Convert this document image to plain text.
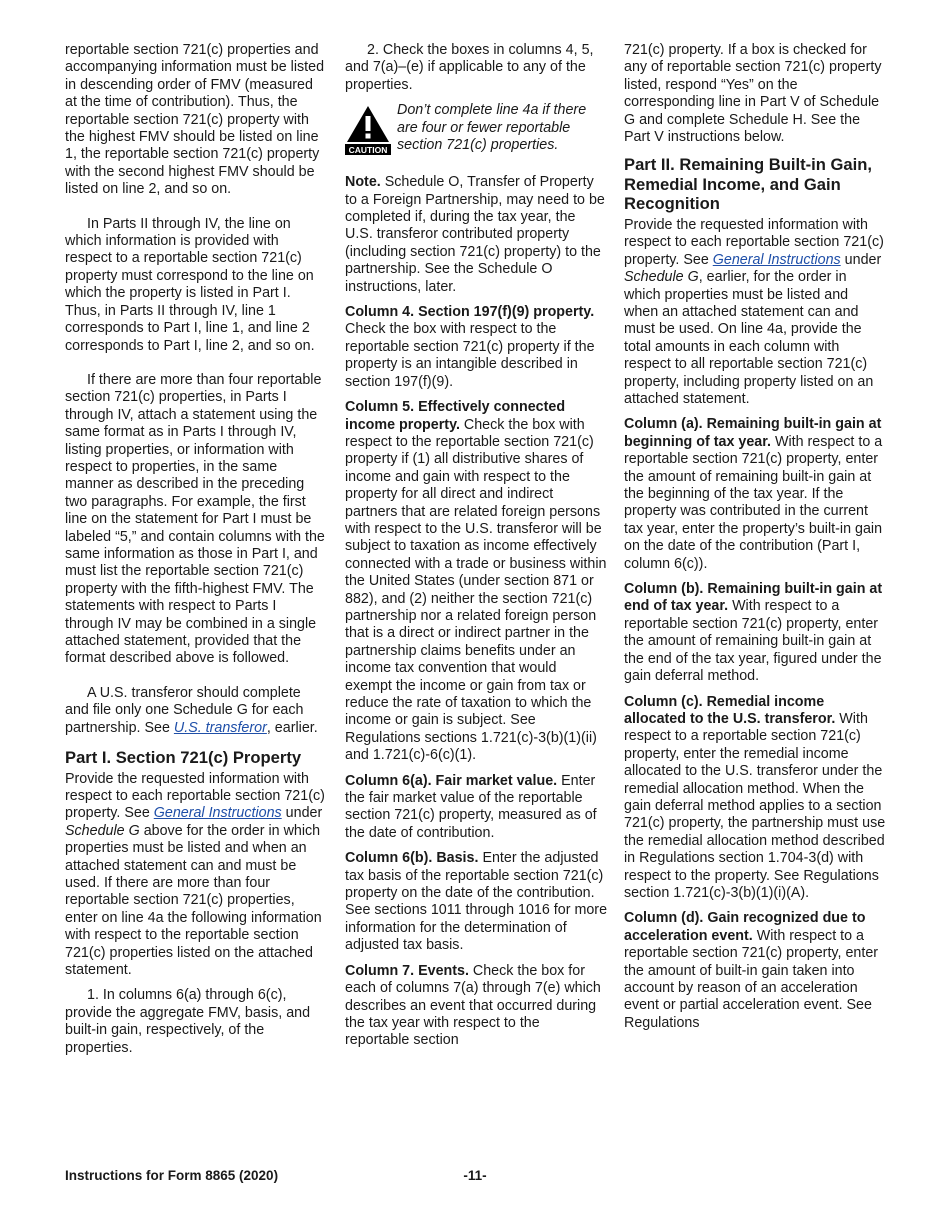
reportable section 721(c) properties and accompanying information must be listed in descending order of FMV (measured at the time of contribution). Thus, the reportable section 721(c) property with the highest FMV should be listed on line 1, the reportable section 721(c) property with the second highest FMV should be listed on line 2, and so on.

In Parts II through IV, the line on which information is provided with respect to a reportable section 721(c) property must correspond to the line on which the property is listed in Part I. Thus, in Parts II through IV, line 1 corresponds to Part I, line 1, and line 2 corresponds to Part I, line 2, and so on.

If there are more than four reportable section 721(c) properties, in Parts I through IV, attach a statement using the same format as in Parts I through IV, listing properties, or information with respect to properties, in the same manner as described in the preceding two paragraphs. For example, the first line on the statement for Part I must be labeled “5,” and contain columns with the same information as those in Part I, and must list the reportable section 721(c) property with the fifth-highest FMV. The statements with respect to Parts I through IV may be combined in a single attached statement, provided that the format described above is followed.

A U.S. transferor should complete and file only one Schedule G for each partnership. See U.S. transferor, earlier.

Part I. Section 721(c) Property

Provide the requested information with respect to each reportable section 721(c) property. See General Instructions under Schedule G above for the order in which properties must be listed and when an attached statement can and must be used. If there are more than four reportable section 721(c) properties, enter on line 4a the following information with respect to the reportable section 721(c) properties listed on the attached statement.

1. In columns 6(a) through 6(c), provide the aggregate FMV, basis, and built-in gain, respectively, of the properties.

2. Check the boxes in columns 4, 5, and 7(a)–(e) if applicable to any of the properties.

CAUTION
Don’t complete line 4a if there are four or fewer reportable section 721(c) properties.

Note. Schedule O, Transfer of Property to a Foreign Partnership, may need to be completed if, during the tax year, the U.S. transferor contributed property (including section 721(c) property) to the partnership. See the Schedule O instructions, later.

Column 4. Section 197(f)(9) property. Check the box with respect to the reportable section 721(c) property if the property is an intangible described in section 197(f)(9).

Column 5. Effectively connected income property. Check the box with respect to the reportable section 721(c) property if (1) all distributive shares of income and gain with respect to the property for all direct and indirect partners that are related foreign persons with respect to the U.S. transferor will be subject to taxation as income effectively connected with a trade or business within the United States (under section 871 or 882), and (2) neither the section 721(c) partnership nor a related foreign person that is a direct or indirect partner in the partnership claims benefits under an income tax convention that would exempt the income or gain from tax or reduce the rate of taxation to which the income or gain is subject. See Regulations sections 1.721(c)-3(b)(1)(ii) and 1.721(c)-6(c)(1).

Column 6(a). Fair market value. Enter the fair market value of the reportable section 721(c) property, measured as of the date of contribution.

Column 6(b). Basis. Enter the adjusted tax basis of the reportable section 721(c) property on the date of the contribution. See sections 1011 through 1016 for more information for the determination of adjusted tax basis.

Column 7. Events. Check the box for each of columns 7(a) through 7(e) which describes an event that occurred during the tax year with respect to the reportable section

721(c) property. If a box is checked for any of reportable section 721(c) property listed, respond “Yes” on the corresponding line in Part V of Schedule G and complete Schedule H. See the Part V instructions below.

Part II. Remaining Built-in Gain, Remedial Income, and Gain Recognition

Provide the requested information with respect to each reportable section 721(c) property. See General Instructions under Schedule G, earlier, for the order in which properties must be listed and when an attached statement can and must be used. On line 4a, provide the total amounts in each column with respect to all reportable section 721(c) property, including property listed on an attached statement.

Column (a). Remaining built-in gain at beginning of tax year. With respect to a reportable section 721(c) property, enter the amount of remaining built-in gain at the beginning of the tax year. If the property was contributed in the current tax year, enter the property’s built-in gain on the date of the contribution (Part I, column 6(c)).

Column (b). Remaining built-in gain at end of tax year. With respect to a reportable section 721(c) property, enter the amount of remaining built-in gain at the end of the tax year, figured under the gain deferral method.

Column (c). Remedial income allocated to the U.S. transferor. With respect to a reportable section 721(c) property, enter the remedial income allocated to the U.S. transferor under the remedial allocation method. When the gain deferral method applies to a section 721(c) property, the partnership must use the remedial allocation method described in Regulations section 1.704-3(d) with respect to the property. See Regulations section 1.721(c)-3(b)(1)(i)(A).

Column (d). Gain recognized due to acceleration event. With respect to a reportable section 721(c) property, enter the amount of built-in gain taken into account by reason of an acceleration event or partial acceleration event. See Regulations

Instructions for Form 8865 (2020)	-11-
